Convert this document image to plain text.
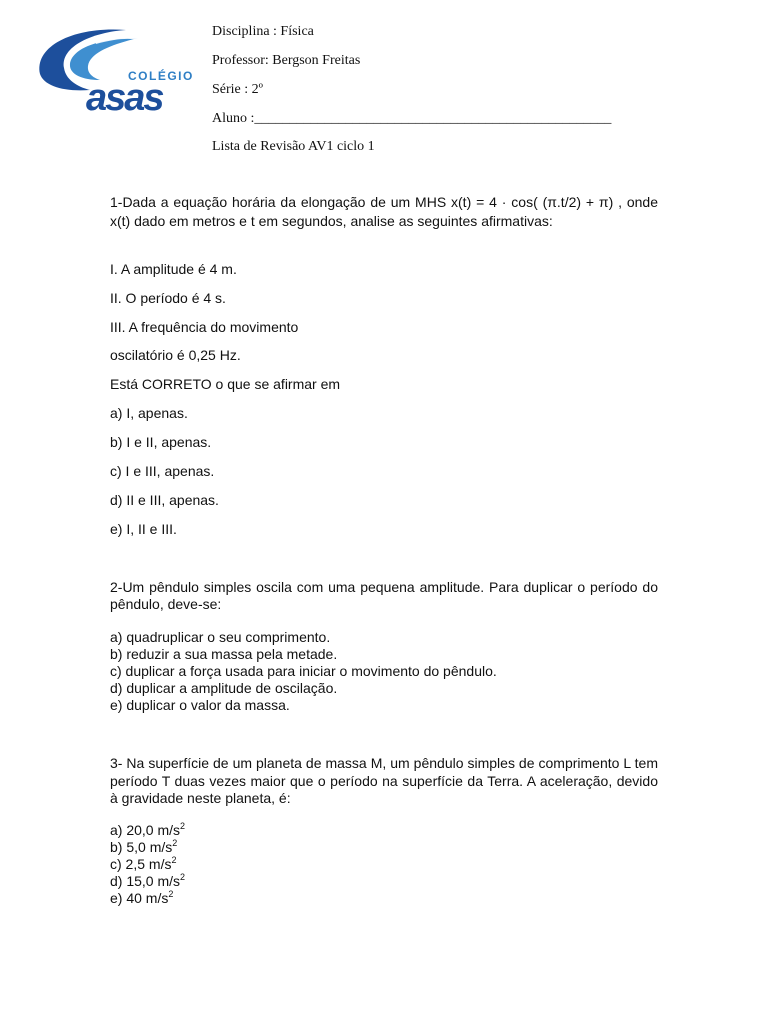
COLÉGIO
asas
Disciplina : Física
Professor: Bergson Freitas
Série : 2º
Aluno :___________________________________________________
Lista de Revisão AV1 ciclo 1
1-Dada a equação horária da elongação de um MHS x(t) = 4 · cos( (π.t/2) + π) , onde x(t) dado em metros e t em segundos, analise as seguintes afirmativas:
I. A amplitude é 4 m.
II. O período é 4 s.
III. A frequência do movimento
oscilatório é 0,25 Hz.
Está CORRETO o que se afirmar em
a) I, apenas.
b) I e II, apenas.
c) I e III, apenas.
d) II e III, apenas.
e) I, II e III.
2-Um pêndulo simples oscila com uma pequena amplitude. Para duplicar o período do pêndulo, deve-se:
a) quadruplicar o seu comprimento.
b) reduzir a sua massa pela metade.
c) duplicar a força usada para iniciar o movimento do pêndulo.
d) duplicar a amplitude de oscilação.
e) duplicar o valor da massa.
3- Na superfície de um planeta de massa M, um pêndulo simples de comprimento L tem período T duas vezes maior que o período na superfície da Terra. A aceleração, devido à gravidade neste planeta, é:
a) 20,0 $m/s^2$
b) 5,0 $m/s^2$
c) 2,5 $m/s^2$
d) 15,0 $m/s^2$
e) 40 $m/s^2$
